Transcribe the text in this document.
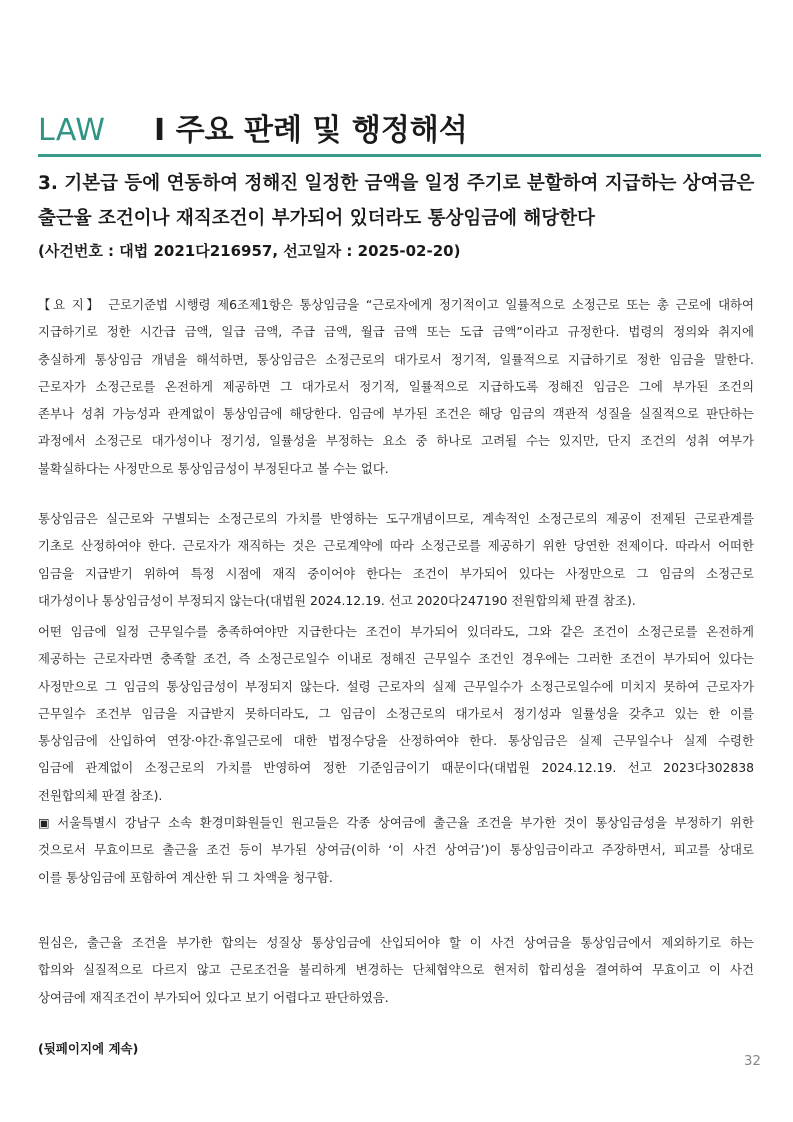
LAW I 주요 판례 및 행정해석
3. 기본급 등에 연동하여 정해진 일정한 금액을 일정 주기로 분할하여 지급하는 상여금은
출근율 조건이나 재직조건이 부가되어 있더라도 통상임금에 해당한다
(사건번호 : 대법 2021다216957, 선고일자 : 2025-02-20)
【요 지】 근로기준법 시행령 제6조제1항은 통상임금을 “근로자에게 정기적이고 일률적으로 소정근로 또는 총 근로에 대하여
지급하기로 정한 시간급 금액, 일급 금액, 주급 금액, 월급 금액 또는 도급 금액”이라고 규정한다. 법령의 정의와 취지에
충실하게 통상임금 개념을 해석하면, 통상임금은 소정근로의 대가로서 정기적, 일률적으로 지급하기로 정한 임금을 말한다.
근로자가 소정근로를 온전하게 제공하면 그 대가로서 정기적, 일률적으로 지급하도록 정해진 임금은 그에 부가된 조건의
존부나 성취 가능성과 관계없이 통상임금에 해당한다. 임금에 부가된 조건은 해당 임금의 객관적 성질을 실질적으로 판단하는
과정에서 소정근로 대가성이나 정기성, 일률성을 부정하는 요소 중 하나로 고려될 수는 있지만, 단지 조건의 성취 여부가
불확실하다는 사정만으로 통상임금성이 부정된다고 볼 수는 없다.
통상임금은 실근로와 구별되는 소정근로의 가치를 반영하는 도구개념이므로, 계속적인 소정근로의 제공이 전제된 근로관계를
기초로 산정하여야 한다. 근로자가 재직하는 것은 근로계약에 따라 소정근로를 제공하기 위한 당연한 전제이다. 따라서 어떠한
임금을 지급받기 위하여 특정 시점에 재직 중이어야 한다는 조건이 부가되어 있다는 사정만으로 그 임금의 소정근로
대가성이나 통상임금성이 부정되지 않는다(대법원 2024.12.19. 선고 2020다247190 전원합의체 판결 참조).
어떤 임금에 일정 근무일수를 충족하여야만 지급한다는 조건이 부가되어 있더라도, 그와 같은 조건이 소정근로를 온전하게
제공하는 근로자라면 충족할 조건, 즉 소정근로일수 이내로 정해진 근무일수 조건인 경우에는 그러한 조건이 부가되어 있다는
사정만으로 그 임금의 통상임금성이 부정되지 않는다. 설령 근로자의 실제 근무일수가 소정근로일수에 미치지 못하여 근로자가
근무일수 조건부 임금을 지급받지 못하더라도, 그 임금이 소정근로의 대가로서 정기성과 일률성을 갖추고 있는 한 이를
통상임금에 산입하여 연장·야간·휴일근로에 대한 법정수당을 산정하여야 한다. 통상임금은 실제 근무일수나 실제 수령한
임금에 관계없이 소정근로의 가치를 반영하여 정한 기준임금이기 때문이다(대법원 2024.12.19. 선고 2023다302838
전원합의체 판결 참조).
▣ 서울특별시 강남구 소속 환경미화원들인 원고들은 각종 상여금에 출근율 조건을 부가한 것이 통상임금성을 부정하기 위한
것으로서 무효이므로 출근율 조건 등이 부가된 상여금(이하 ‘이 사건 상여금’)이 통상임금이라고 주장하면서, 피고를 상대로
이를 통상임금에 포함하여 계산한 뒤 그 차액을 청구함.
원심은, 출근율 조건을 부가한 합의는 성질상 통상임금에 산입되어야 할 이 사건 상여금을 통상임금에서 제외하기로 하는
합의와 실질적으로 다르지 않고 근로조건을 불리하게 변경하는 단체협약으로 현저히 합리성을 결여하여 무효이고 이 사건
상여금에 재직조건이 부가되어 있다고 보기 어렵다고 판단하였음.
(뒷페이지에 계속)
32
